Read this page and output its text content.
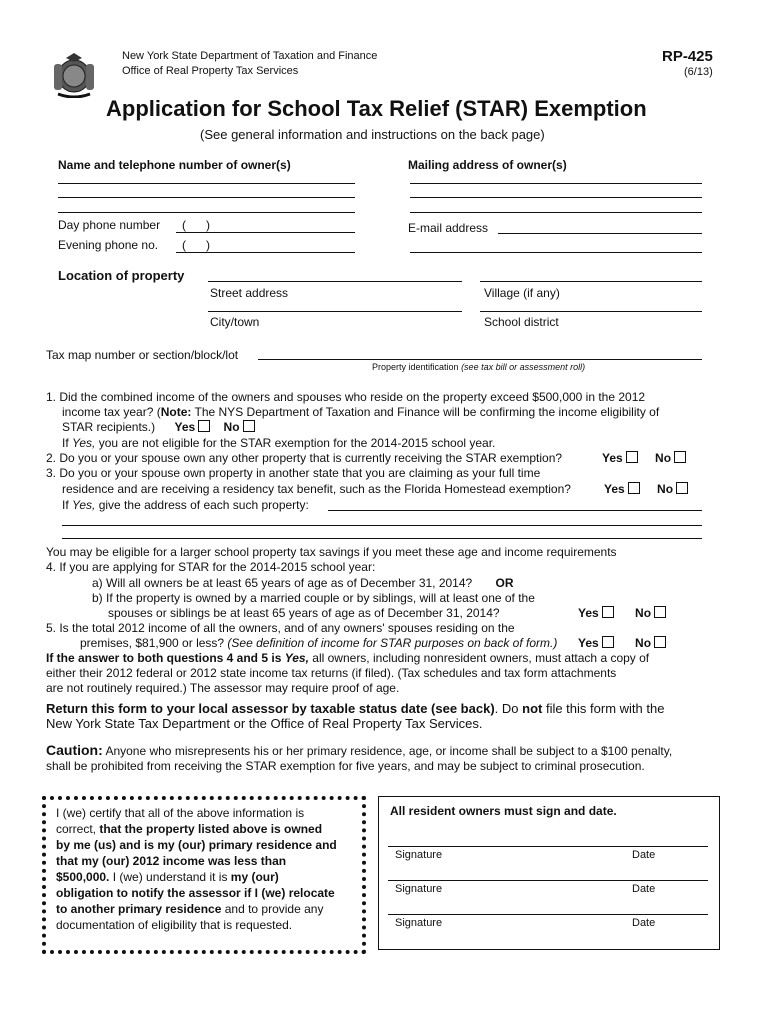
New York State Department of Taxation and Finance
Office of Real Property Tax Services
RP-425
(6/13)
Application for School Tax Relief (STAR) Exemption
(See general information and instructions on the back page)
Name and telephone number of owner(s)	Mailing address of owner(s)
Day phone number ( )
Evening phone no. ( )
E-mail address
Location of property
Street address	Village (if any)
City/town	School district
Tax map number or section/block/lot
Property identification (see tax bill or assessment roll)
1. Did the combined income of the owners and spouses who reside on the property exceed $500,000 in the 2012
income tax year? (Note: The NYS Department of Taxation and Finance will be confirming the income eligibility of
STAR recipients.) Yes No
If Yes, you are not eligible for the STAR exemption for the 2014-2015 school year.
2. Do you or your spouse own any other property that is currently receiving the STAR exemption?	Yes	No
3. Do you or your spouse own property in another state that you are claiming as your full time
residence and are receiving a residency tax benefit, such as the Florida Homestead exemption?	Yes	No
If Yes, give the address of each such property:
You may be eligible for a larger school property tax savings if you meet these age and income requirements
4. If you are applying for STAR for the 2014-2015 school year:
a) Will all owners be at least 65 years of age as of December 31, 2014? OR
b) If the property is owned by a married couple or by siblings, will at least one of the
spouses or siblings be at least 65 years of age as of December 31, 2014?	Yes	No
5. Is the total 2012 income of all the owners, and of any owners' spouses residing on the
premises, $81,900 or less? (See definition of income for STAR purposes on back of form.) Yes	No
If the answer to both questions 4 and 5 is Yes, all owners, including nonresident owners, must attach a copy of
either their 2012 federal or 2012 state income tax returns (if filed). (Tax schedules and tax form attachments
are not routinely required.) The assessor may require proof of age.
Return this form to your local assessor by taxable status date (see back). Do not file this form with the
New York State Tax Department or the Office of Real Property Tax Services.
Caution: Anyone who misrepresents his or her primary residence, age, or income shall be subject to a $100 penalty,
shall be prohibited from receiving the STAR exemption for five years, and may be subject to criminal prosecution.
I (we) certify that all of the above information is
correct, that the property listed above is owned
by me (us) and is my (our) primary residence and
that my (our) 2012 income was less than
$500,000. I (we) understand it is my (our)
obligation to notify the assessor if I (we) relocate
to another primary residence and to provide any
documentation of eligibility that is requested.
All resident owners must sign and date.
Signature	Date
Signature	Date
Signature	Date
